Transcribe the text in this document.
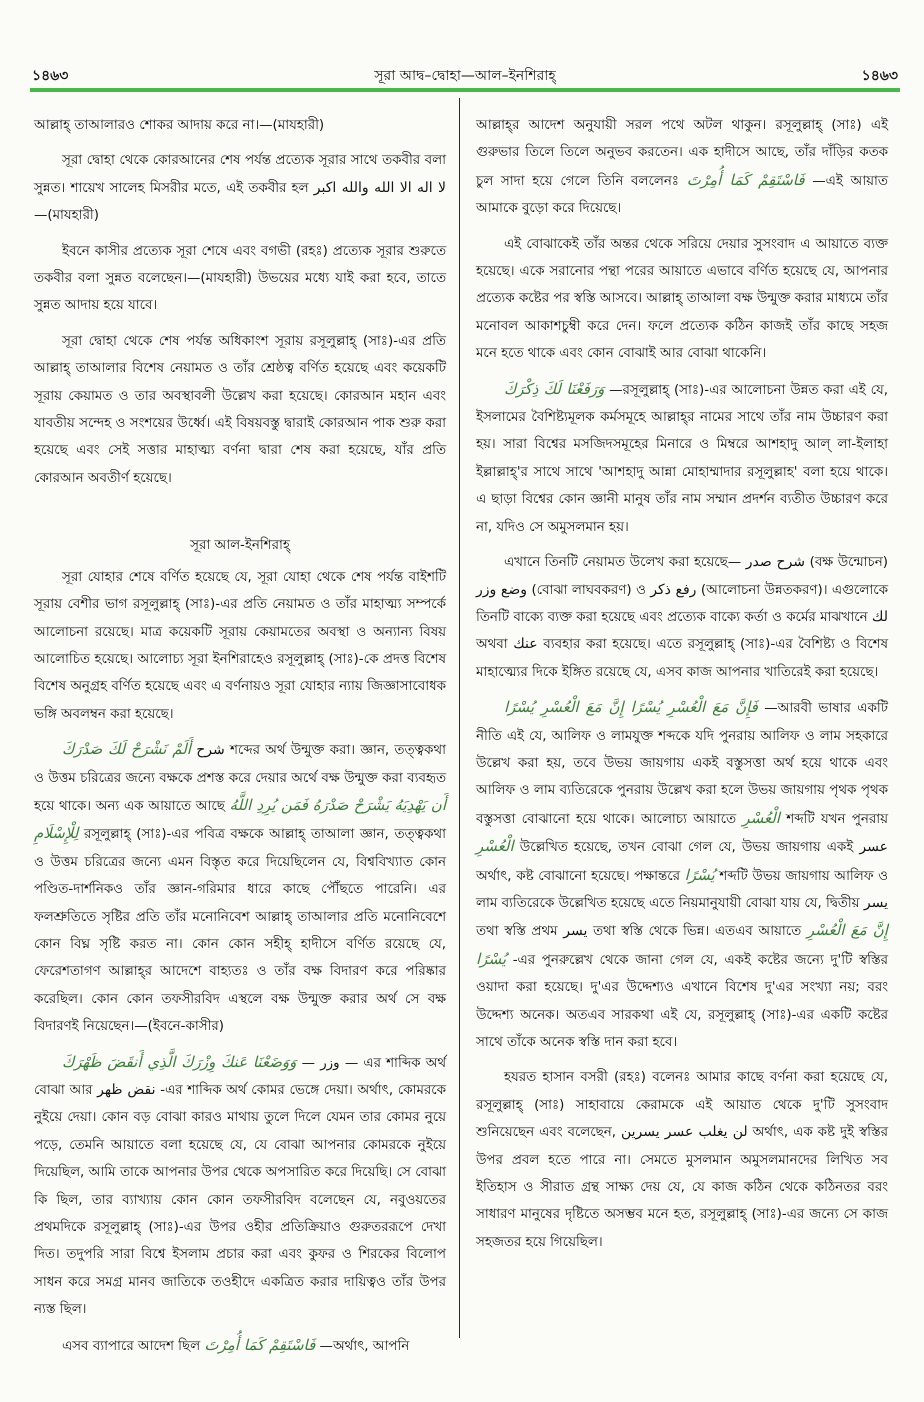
১৪৬৩	সূরা আদ্ব–দ্বোহা—আল–ইনশিরাহ্	১৪৬৩

আল্লাহ্‌ তাআলারও শোকর আদায় করে না।—(মাযহারী)

সূরা দ্বোহা থেকে কোরআনের শেষ পর্যন্ত প্রত্যেক সূরার সাথে তকবীর বলা সুন্নত। শায়েখ সালেহ মিসরীর মতে, এই তকবীর হল لا اله الا الله والله اكبر —(মাযহারী)

ইবনে কাসীর প্রত্যেক সূরা শেষে এবং বগভী (রহঃ) প্রত্যেক সূরার শুরুতে তকবীর বলা সুন্নত বলেছেন।—(মাযহারী) উভয়ের মধ্যে যাই করা হবে, তাতে সুন্নত আদায় হয়ে যাবে।

সূরা দ্বোহা থেকে শেষ পর্যন্ত অধিকাংশ সূরায় রসূলুল্লাহ্‌ (সাঃ)-এর প্রতি আল্লাহ্‌ তাআলার বিশেষ নেয়ামত ও তাঁর শ্রেষ্ঠত্ব বর্ণিত হয়েছে এবং কয়েকটি সূরায় কেয়ামত ও তার অবস্থাবলী উল্লেখ করা হয়েছে। কোরআন মহান এবং যাবতীয় সন্দেহ ও সংশয়ের উর্ধ্বে। এই বিষয়বস্তু দ্বারাই কোরআন পাক শুরু করা হয়েছে এবং সেই সত্তার মাহাত্ম্য বর্ণনা দ্বারা শেষ করা হয়েছে, যাঁর প্রতি কোরআন অবতীর্ণ হয়েছে।

সূরা আল-ইনশিরাহ্‌

সূরা যোহার শেষে বর্ণিত হয়েছে যে, সূরা যোহা থেকে শেষ পর্যন্ত বাইশটি সূরায় বেশীর ভাগ রসূলুল্লাহ্‌ (সাঃ)-এর প্রতি নেয়ামত ও তাঁর মাহাত্ম্য সম্পর্কে আলোচনা রয়েছে। মাত্র কয়েকটি সূরায় কেয়ামতের অবস্থা ও অন্যান্য বিষয় আলোচিত হয়েছে। আলোচ্য সূরা ইনশিরাহেও রসূলুল্লাহ্‌ (সাঃ)-কে প্রদত্ত বিশেষ বিশেষ অনুগ্রহ বর্ণিত হয়েছে এবং এ বর্ণনায়ও সূরা যোহার ন্যায় জিজ্ঞাসাবোধক ভঙ্গি অবলম্বন করা হয়েছে।

أَلَمْ نَشْرَحْ لَكَ صَدْرَكَ شرح শব্দের অর্থ উন্মুক্ত করা। জ্ঞান, তত্ত্বকথা ও উত্তম চরিত্রের জন্যে বক্ষকে প্রশস্ত করে দেয়ার অর্থে বক্ষ উন্মুক্ত করা ব্যবহৃত হয়ে থাকে। অন্য এক আয়াতে আছে فَمَن يُرِدِ اللَّهُ أَن يَهْدِيَهُ يَشْرَحْ صَدْرَهُ لِلْإِسْلَامِ রসূলুল্লাহ্‌ (সাঃ)-এর পবিত্র বক্ষকে আল্লাহ্‌ তাআলা জ্ঞান, তত্ত্বকথা ও উত্তম চরিত্রের জন্যে এমন বিস্তৃত করে দিয়েছিলেন যে, বিশ্ববিখ্যাত কোন পণ্ডিত-দার্শনিকও তাঁর জ্ঞান-গরিমার ধারে কাছে পৌঁছতে পারেনি। এর ফলশ্রুতিতে সৃষ্টির প্রতি তাঁর মনোনিবেশ আল্লাহ্‌ তাআলার প্রতি মনোনিবেশে কোন বিঘ্ন সৃষ্টি করত না। কোন কোন সহীহ্‌ হাদীসে বর্ণিত রয়েছে যে, ফেরেশতাগণ আল্লাহ্‌র আদেশে বাহ্যতঃ ও তাঁর বক্ষ বিদারণ করে পরিষ্কার করেছিল। কোন কোন তফসীরবিদ এস্থলে বক্ষ উন্মুক্ত করার অর্থ সে বক্ষ বিদারণই নিয়েছেন।—(ইবনে-কাসীর)

وَوَضَعْنَا عَنكَ وِزْرَكَ الَّذِي أَنقَضَ ظَهْرَكَ — وزر — এর শাব্দিক অর্থ বোঝা আর نقض ظهر -এর শাব্দিক অর্থ কোমর ভেঙ্গে দেয়া। অর্থাৎ, কোমরকে নুইয়ে দেয়া। কোন বড় বোঝা কারও মাথায় তুলে দিলে যেমন তার কোমর নুয়ে পড়ে, তেমনি আয়াতে বলা হয়েছে যে, যে বোঝা আপনার কোমরকে নুইয়ে দিয়েছিল, আমি তাকে আপনার উপর থেকে অপসারিত করে দিয়েছি। সে বোঝা কি ছিল, তার ব্যাখ্যায় কোন কোন তফসীরবিদ বলেছেন যে, নবুওয়তের প্রথমদিকে রসূলুল্লাহ্‌ (সাঃ)-এর উপর ওহীর প্রতিক্রিয়াও গুরুতররূপে দেখা দিত। তদুপরি সারা বিশ্বে ইসলাম প্রচার করা এবং কুফর ও শিরকের বিলোপ সাধন করে সমগ্র মানব জাতিকে তওহীদে একত্রিত করার দায়িত্বও তাঁর উপর ন্যস্ত ছিল।

এসব ব্যাপারে আদেশ ছিল فَاسْتَقِمْ كَمَا أُمِرْتَ —অর্থাৎ, আপনি

আল্লাহ্‌র আদেশ অনুযায়ী সরল পথে অটল থাকুন। রসূলুল্লাহ্‌ (সাঃ) এই গুরুভার তিলে তিলে অনুভব করতেন। এক হাদীসে আছে, তাঁর দাঁড়ির কতক চুল সাদা হয়ে গেলে তিনি বললেনঃ فَاسْتَقِمْ كَمَا أُمِرْتَ —এই আয়াত আমাকে বুড়ো করে দিয়েছে।

এই বোঝাকেই তাঁর অন্তর থেকে সরিয়ে দেয়ার সুসংবাদ এ আয়াতে ব্যক্ত হয়েছে। একে সরানোর পন্থা পরের আয়াতে এভাবে বর্ণিত হয়েছে যে, আপনার প্রত্যেক কষ্টের পর স্বস্তি আসবে। আল্লাহ্‌ তাআলা বক্ষ উন্মুক্ত করার মাধ্যমে তাঁর মনোবল আকাশচুম্বী করে দেন। ফলে প্রত্যেক কঠিন কাজই তাঁর কাছে সহজ মনে হতে থাকে এবং কোন বোঝাই আর বোঝা থাকেনি।

وَرَفَعْنَا لَكَ ذِكْرَكَ —রসূলুল্লাহ্‌ (সাঃ)-এর আলোচনা উন্নত করা এই যে, ইসলামের বৈশিষ্ট্যমূলক কর্মসমূহে আল্লাহ্‌র নামের সাথে তাঁর নাম উচ্চারণ করা হয়। সারা বিশ্বের মসজিদসমূহের মিনারে ও মিম্বরে আশহাদু আল্ লা-ইলাহা ইল্লাল্লাহ্‌'র সাথে সাথে 'আশহাদু আন্না মোহাম্মাদার রসূলুল্লাহ' বলা হয়ে থাকে। এ ছাড়া বিশ্বের কোন জ্ঞানী মানুষ তাঁর নাম সম্মান প্রদর্শন ব্যতীত উচ্চারণ করে না, যদিও সে অমুসলমান হয়।

এখানে তিনটি নেয়ামত উলেখ করা হয়েছে— شرح صدر (বক্ষ উন্মোচন) وضع وزر (বোঝা লাঘবকরণ) ও رفع ذكر (আলোচনা উন্নতকরণ)। এগুলোকে তিনটি বাক্যে ব্যক্ত করা হয়েছে এবং প্রত্যেক বাক্যে কর্তা ও কর্মের মাঝখানে لك অথবা عنك ব্যবহার করা হয়েছে। এতে রসূলুল্লাহ্‌ (সাঃ)-এর বৈশিষ্ট্য ও বিশেষ মাহাত্ম্যের দিকে ইঙ্গিত রয়েছে যে, এসব কাজ আপনার খাতিরেই করা হয়েছে।

فَإِنَّ مَعَ الْعُسْرِ يُسْرًا إِنَّ مَعَ الْعُسْرِ يُسْرًا —আরবী ভাষার একটি নীতি এই যে, আলিফ ও লামযুক্ত শব্দকে যদি পুনরায় আলিফ ও লাম সহকারে উল্লেখ করা হয়, তবে উভয় জায়গায় একই বস্তুসত্তা অর্থ হয়ে থাকে এবং আলিফ ও লাম ব্যতিরেকে পুনরায় উল্লেখ করা হলে উভয় জায়গায় পৃথক পৃথক বস্তুসত্তা বোঝানো হয়ে থাকে। আলোচ্য আয়াতে الْعُسْرِ শব্দটি যখন পুনরায় الْعُسْرِ উল্লেখিত হয়েছে, তখন বোঝা গেল যে, উভয় জায়গায় একই عسر অর্থাৎ, কষ্ট বোঝানো হয়েছে। পক্ষান্তরে يُسْرًا শব্দটি উভয় জায়গায় আলিফ ও লাম ব্যতিরেকে উল্লেখিত হয়েছে এতে নিয়মানুযায়ী বোঝা যায় যে, দ্বিতীয় يسر তথা স্বস্তি প্রথম يسر তথা স্বস্তি থেকে ভিন্ন। এতএব আয়াতে إِنَّ مَعَ الْعُسْرِ يُسْرًا -এর পুনরুল্লেখ থেকে জানা গেল যে, একই কষ্টের জন্যে দু'টি স্বস্তির ওয়াদা করা হয়েছে। দু'এর উদ্দেশ্যও এখানে বিশেষ দু'এর সংখ্যা নয়; বরং উদ্দেশ্য অনেক। অতএব সারকথা এই যে, রসূলুল্লাহ্‌ (সাঃ)-এর একটি কষ্টের সাথে তাঁকে অনেক স্বস্তি দান করা হবে।

হযরত হাসান বসরী (রহঃ) বলেনঃ আমার কাছে বর্ণনা করা হয়েছে যে, রসূলুল্লাহ্‌ (সাঃ) সাহাবায়ে কেরামকে এই আয়াত থেকে দু'টি সুসংবাদ শুনিয়েছেন এবং বলেছেন, لن يغلب عسر يسرين অর্থাৎ, এক কষ্ট দুই স্বস্তির উপর প্রবল হতে পারে না। সেমতে মুসলমান অমুসলমানদের লিখিত সব ইতিহাস ও সীরাত গ্রন্থ সাক্ষ্য দেয় যে, যে কাজ কঠিন থেকে কঠিনতর বরং সাধারণ মানুষের দৃষ্টিতে অসম্ভব মনে হত, রসূলুল্লাহ্‌ (সাঃ)-এর জন্যে সে কাজ সহজতর হয়ে গিয়েছিল।
